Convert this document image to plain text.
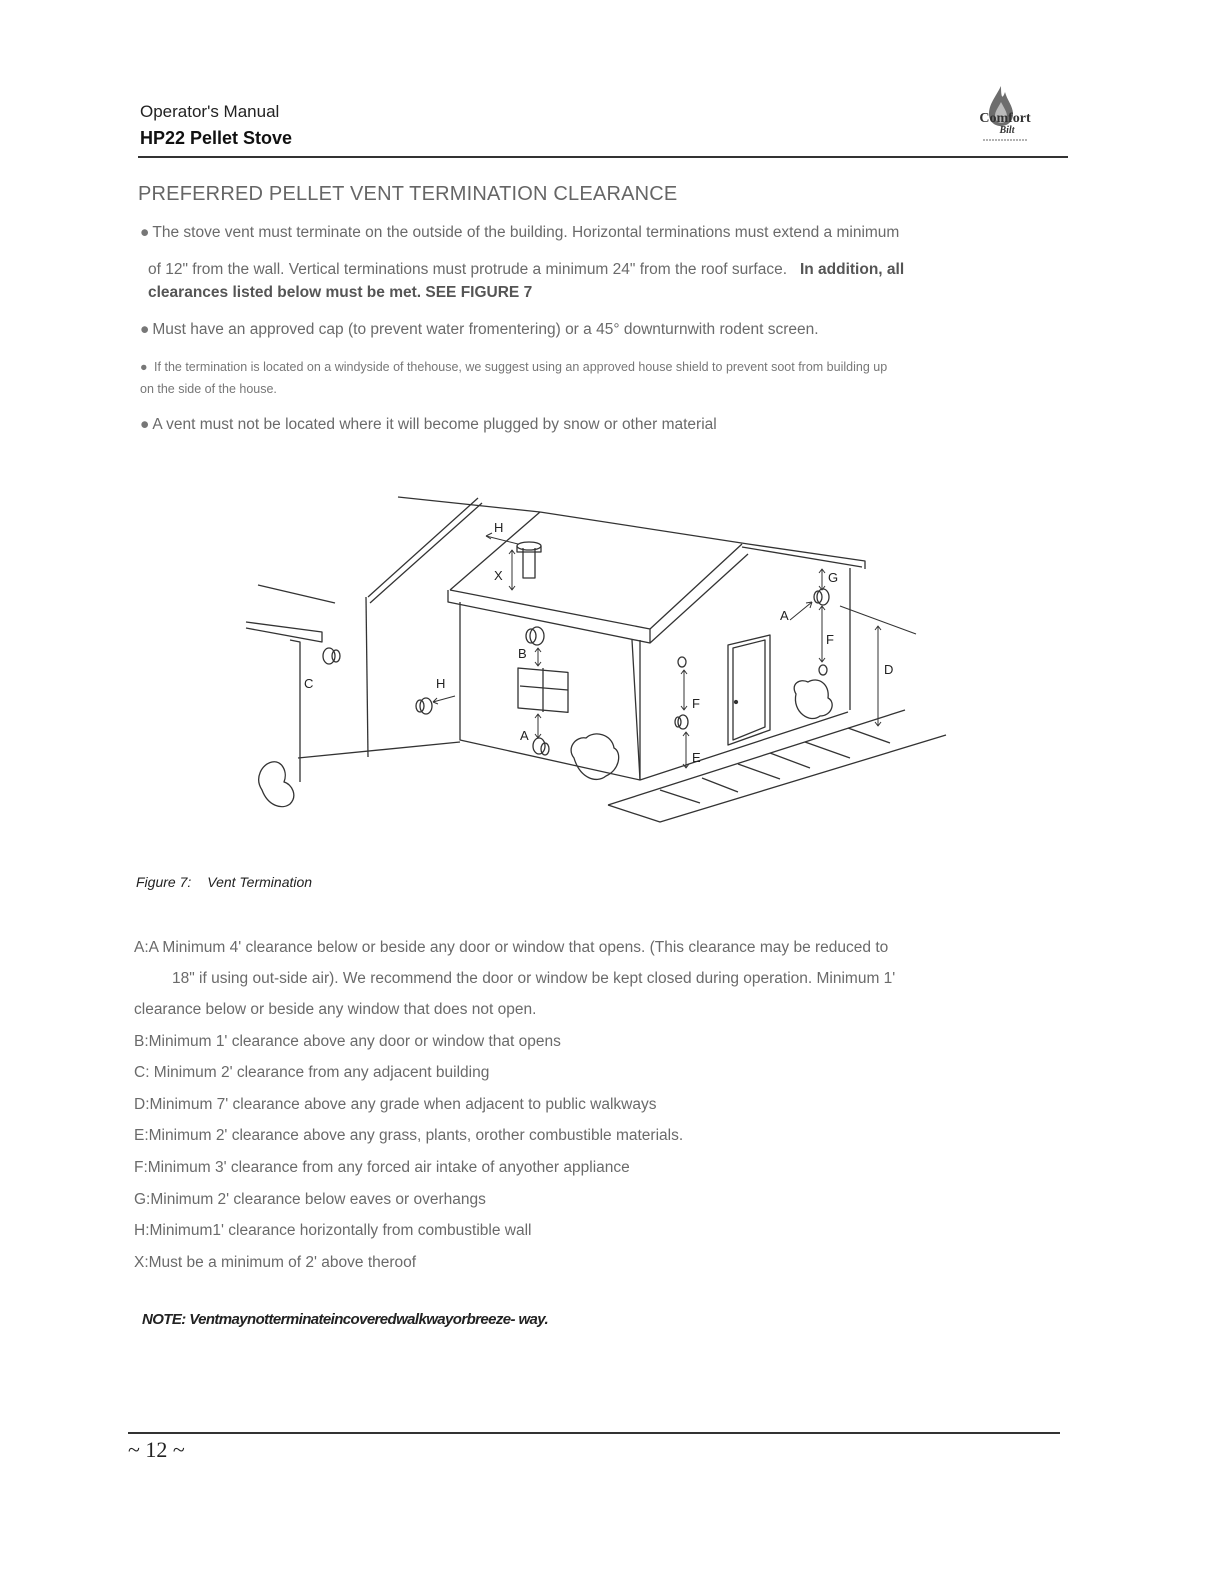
Operator's Manual
HP22 Pellet Stove
Comfort
Bilt
PREFERRED PELLET VENT TERMINATION CLEARANCE
● The stove vent must terminate on the outside of the building. Horizontal terminations must extend a minimum
of 12" from the wall. Vertical terminations must protrude a minimum 24" from the roof surface. In addition, all
clearances listed below must be met. SEE FIGURE 7
● Must have an approved cap (to prevent water fromentering) or a 45° downturnwith rodent screen.
● If the termination is located on a windyside of thehouse, we suggest using an approved house shield to prevent soot from building up
on the side of the house.
● A vent must not be located where it will become plugged by snow or other material
H
X	G
A
F
D
B
C	H
A
F
E
Figure 7: Vent Termination
A:A Minimum 4' clearance below or beside any door or window that opens. (This clearance may be reduced to
18" if using out-side air). We recommend the door or window be kept closed during operation. Minimum 1'
clearance below or beside any window that does not open.
B:Minimum 1' clearance above any door or window that opens
C: Minimum 2' clearance from any adjacent building
D:Minimum 7' clearance above any grade when adjacent to public walkways
E:Minimum 2' clearance above any grass, plants, orother combustible materials.
F:Minimum 3' clearance from any forced air intake of anyother appliance
G:Minimum 2' clearance below eaves or overhangs
H:Minimum1' clearance horizontally from combustible wall
X:Must be a minimum of 2' above theroof
NOTE: Ventmaynotterminateincoveredwalkwayorbreeze- way.
~ 12 ~
